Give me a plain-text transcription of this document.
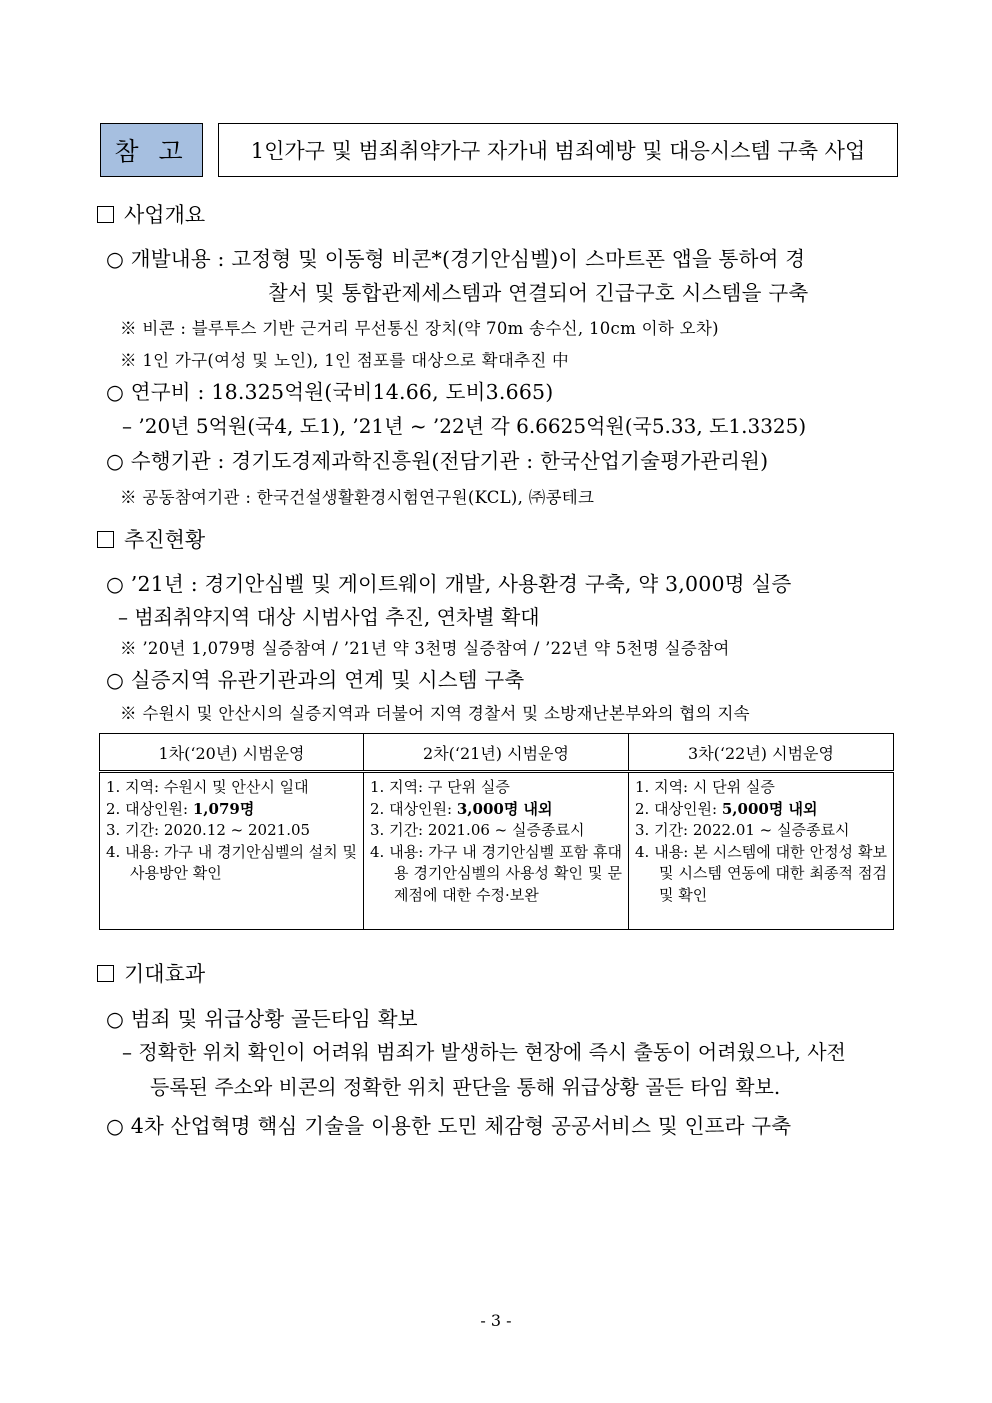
참 고	1인가구 및 범죄취약가구 자가내 범죄예방 및 대응시스템 구축 사업
사업개요
○ 개발내용 : 고정형 및 이동형 비콘*(경기안심벨)이 스마트폰 앱을 통하여 경
찰서 및 통합관제세스템과 연결되어 긴급구호 시스템을 구축
※ 비콘 : 블루투스 기반 근거리 무선통신 장치(약 70m 송수신, 10cm 이하 오차)
※ 1인 가구(여성 및 노인), 1인 점포를 대상으로 확대추진 中
○ 연구비 : 18.325억원(국비14.66, 도비3.665)
– ’20년 5억원(국4, 도1), ’21년 ~ ’22년 각 6.6625억원(국5.33, 도1.3325)
○ 수행기관 : 경기도경제과학진흥원(전담기관 : 한국산업기술평가관리원)
※ 공동참여기관 : 한국건설생활환경시험연구원(KCL), ㈜콩테크
추진현황
○ ’21년 : 경기안심벨 및 게이트웨이 개발, 사용환경 구축, 약 3,000명 실증
– 범죄취약지역 대상 시범사업 추진, 연차별 확대
※ ’20년 1,079명 실증참여 / ’21년 약 3천명 실증참여 / ’22년 약 5천명 실증참여
○ 실증지역 유관기관과의 연계 및 시스템 구축
※ 수원시 및 안산시의 실증지역과 더불어 지역 경찰서 및 소방재난본부와의 협의 지속
1차(‘20년) 시범운영	2차(‘21년) 시범운영	3차(‘22년) 시범운영

1. 지역: 수원시 및 안산시 일대
2. 대상인원: 1,079명
3. 기간: 2020.12 ~ 2021.05
4. 내용: 가구 내 경기안심벨의 설치 및 사용방안 확인	1. 지역: 구 단위 실증
2. 대상인원: 3,000명 내외
3. 기간: 2021.06 ~ 실증종료시
4. 내용: 가구 내 경기안심벨 포함 휴대용 경기안심벨의 사용성 확인 및 문제점에 대한 수정·보완	1. 지역: 시 단위 실증
2. 대상인원: 5,000명 내외
3. 기간: 2022.01 ~ 실증종료시
4. 내용: 본 시스템에 대한 안정성 확보 및 시스템 연동에 대한 최종적 점검 및 확인
기대효과
○ 범죄 및 위급상황 골든타임 확보
– 정확한 위치 확인이 어려워 범죄가 발생하는 현장에 즉시 출동이 어려웠으나, 사전
등록된 주소와 비콘의 정확한 위치 판단을 통해 위급상황 골든 타임 확보.
○ 4차 산업혁명 핵심 기술을 이용한 도민 체감형 공공서비스 및 인프라 구축
- 3 -
